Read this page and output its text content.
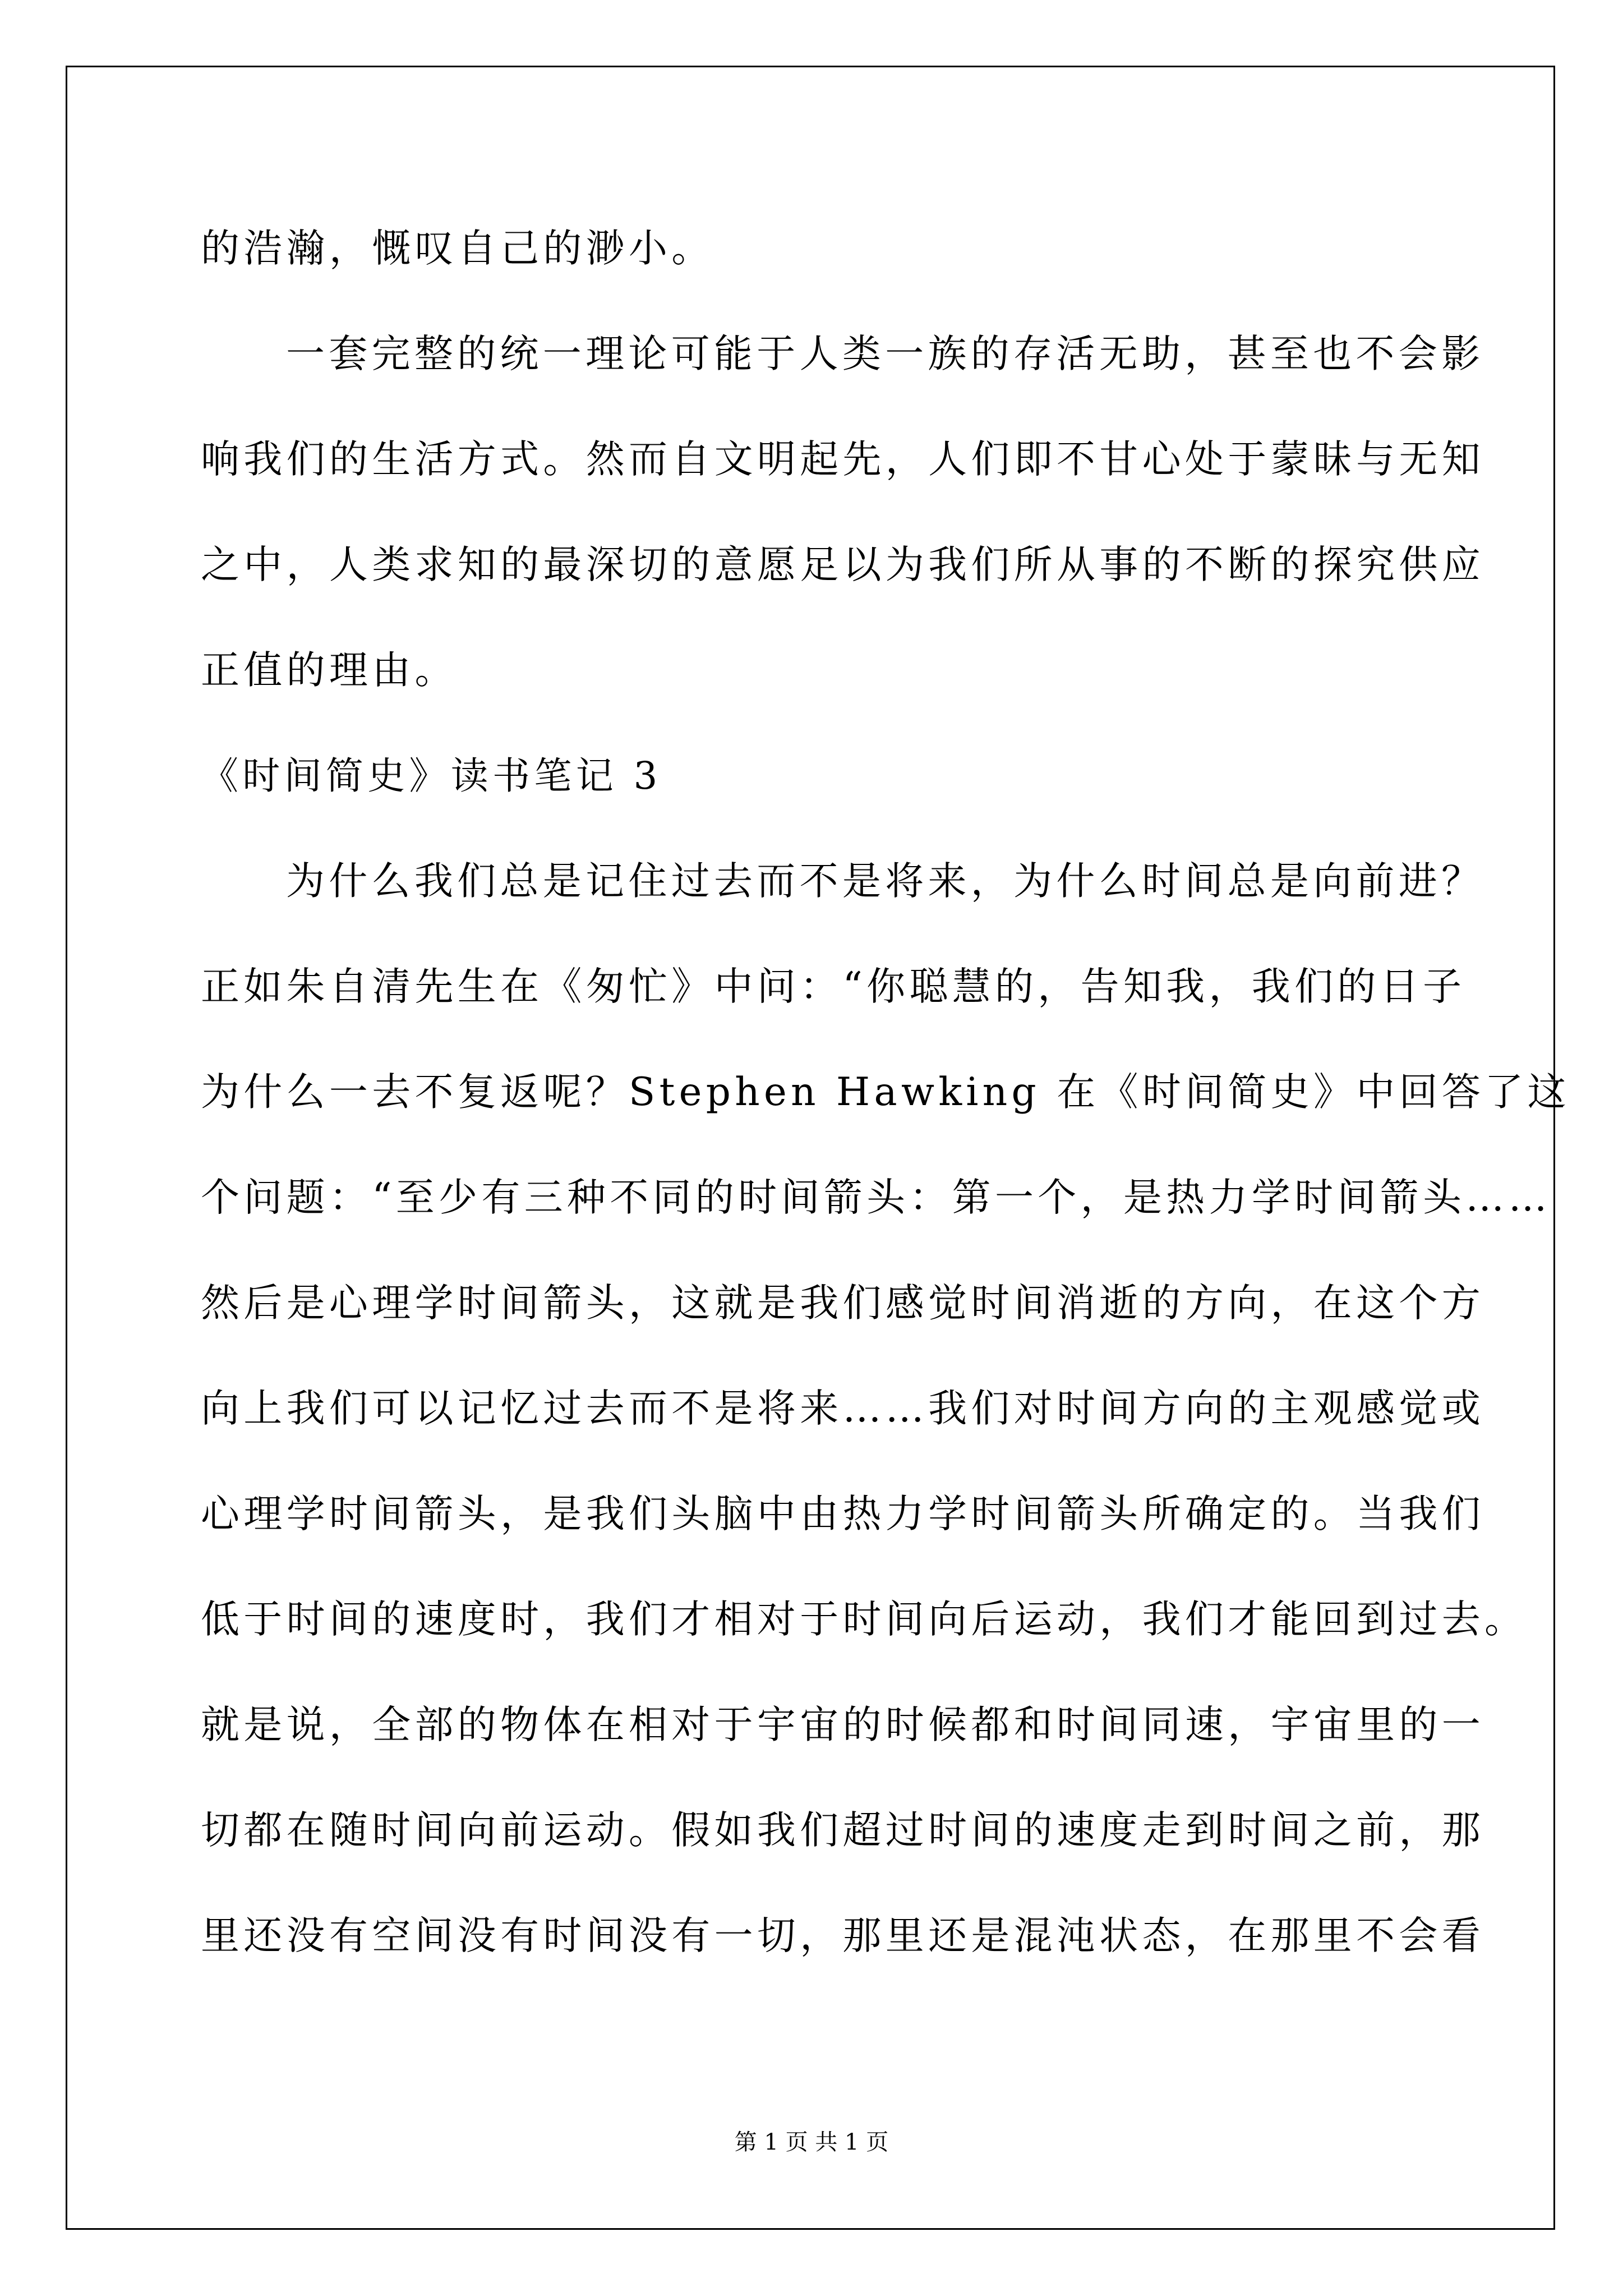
的浩瀚，慨叹自己的渺小。
一套完整的统一理论可能于人类一族的存活无助，甚至也不会影
响我们的生活方式。然而自文明起先，人们即不甘心处于蒙昧与无知
之中，人类求知的最深切的意愿足以为我们所从事的不断的探究供应
正值的理由。
《时间简史》读书笔记 3
为什么我们总是记住过去而不是将来，为什么时间总是向前进？
正如朱自清先生在《匆忙》中问：“你聪慧的，告知我，我们的日子
为什么一去不复返呢？Stephen Hawking 在《时间简史》中回答了这
个问题：“至少有三种不同的时间箭头：第一个，是热力学时间箭头……
然后是心理学时间箭头，这就是我们感觉时间消逝的方向，在这个方
向上我们可以记忆过去而不是将来……我们对时间方向的主观感觉或
心理学时间箭头，是我们头脑中由热力学时间箭头所确定的。当我们
低于时间的速度时，我们才相对于时间向后运动，我们才能回到过去。
就是说，全部的物体在相对于宇宙的时候都和时间同速，宇宙里的一
切都在随时间向前运动。假如我们超过时间的速度走到时间之前，那
里还没有空间没有时间没有一切，那里还是混沌状态，在那里不会看
第 1 页 共 1 页
